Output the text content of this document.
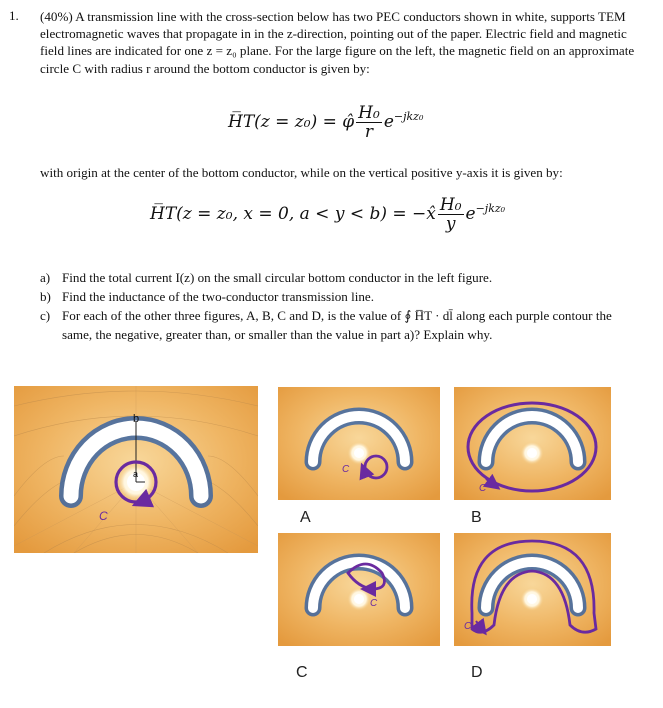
1. (40%) A transmission line with the cross-section below has two PEC conductors shown in white, supports TEM electromagnetic waves that propagate in in the z-direction, pointing out of the paper. Electric field and magnetic field lines are indicated for one z = z₀ plane. For the large figure on the left, the magnetic field on an approximate circle C with radius r around the bottom conductor is given by:
H̅T(z = z₀) = φ̂ $\frac{\text{H₀}}{r} e^{-jkz_0}$
with origin at the center of the bottom conductor, while on the vertical positive y-axis it is given by:
H̅T(z = z₀, x = 0, a < y < b) = −x̂ $\frac{\text{H₀}}{y} e^{-jkz_0}$
a) Find the total current I(z) on the small circular bottom conductor in the left figure.
b) Find the inductance of the two-conductor transmission line.
c) For each of the other three figures, A, B, C and D, is the value of ∮ H̅T · dl̄ along each purple contour the same, the negative, greater than, or smaller than the value in part a)? Explain why.
b
a
C
C
A
C
B
C
C
C
D
